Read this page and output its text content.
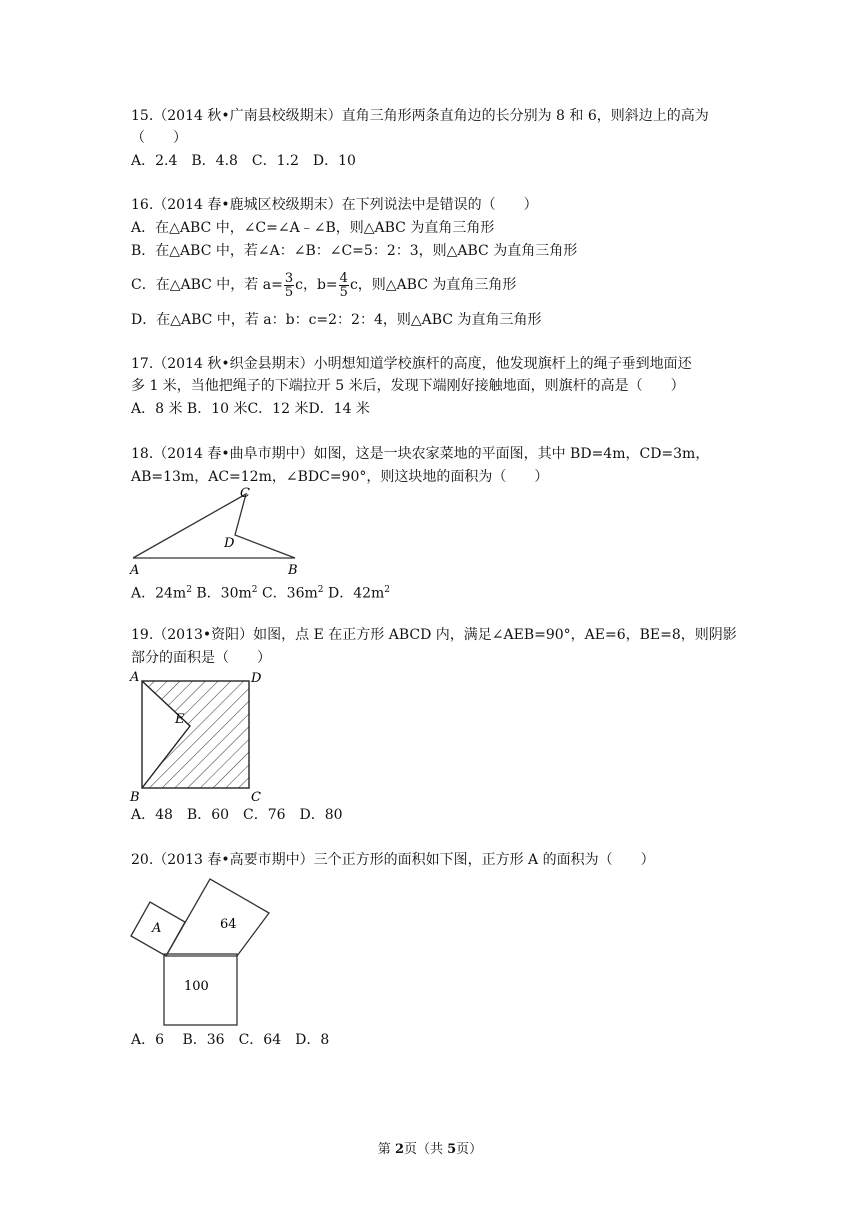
15.（2014 秋•广南县校级期末）直角三角形两条直角边的长分别为 8 和 6，则斜边上的高为
（　　）
A．2.4　B．4.8　C．1.2　D．10
16.（2014 春•鹿城区校级期末）在下列说法中是错误的（　　）
A．在△ABC 中，∠C=∠A﹣∠B，则△ABC 为直角三角形
B．在△ABC 中，若∠A：∠B：∠C=5：2：3，则△ABC 为直角三角形
C．在△ABC 中，若 $a= \frac{3}{5}$ c，$b= \frac{4}{5}$ c，则△ABC 为直角三角形
D．在△ABC 中，若 a：b：c=2：2：4，则△ABC 为直角三角形
17.（2014 秋•织金县期末）小明想知道学校旗杆的高度，他发现旗杆上的绳子垂到地面还
多 1 米，当他把绳子的下端拉开 5 米后，发现下端刚好接触地面，则旗杆的高是（　　）
A．8 米 B．10 米C．12 米D．14 米
18.（2014 春•曲阜市期中）如图，这是一块农家菜地的平面图，其中 BD=4m，CD=3m，
AB=13m，AC=12m，∠BDC=90°，则这块地的面积为（　　）
C
D
A	B
A．$24m^2$ B．$30m^2$ C．$36m^2$ D．$42m^2$
19.（2013•资阳）如图，点 E 在正方形 ABCD 内，满足∠AEB=90°，AE=6，BE=8，则阴影
部分的面积是（　　）
A	D
E
B	C
A．48　B．60　C．76　D．80
20.（2013 春•高要市期中）三个正方形的面积如下图，正方形 A 的面积为（　　）
A	64
100
A．6　 B．36　C．64　D．8
第 2页（共 5页）
